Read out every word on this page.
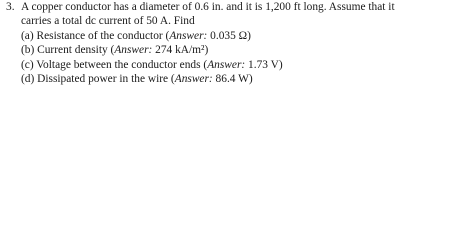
3. A copper conductor has a diameter of 0.6 in. and it is 1,200 ft long. Assume that it
carries a total dc current of 50 A. Find
(a) Resistance of the conductor (Answer: 0.035 Ω)
(b) Current density (Answer: 274 kA/m²)
(c) Voltage between the conductor ends (Answer: 1.73 V)
(d) Dissipated power in the wire (Answer: 86.4 W)
